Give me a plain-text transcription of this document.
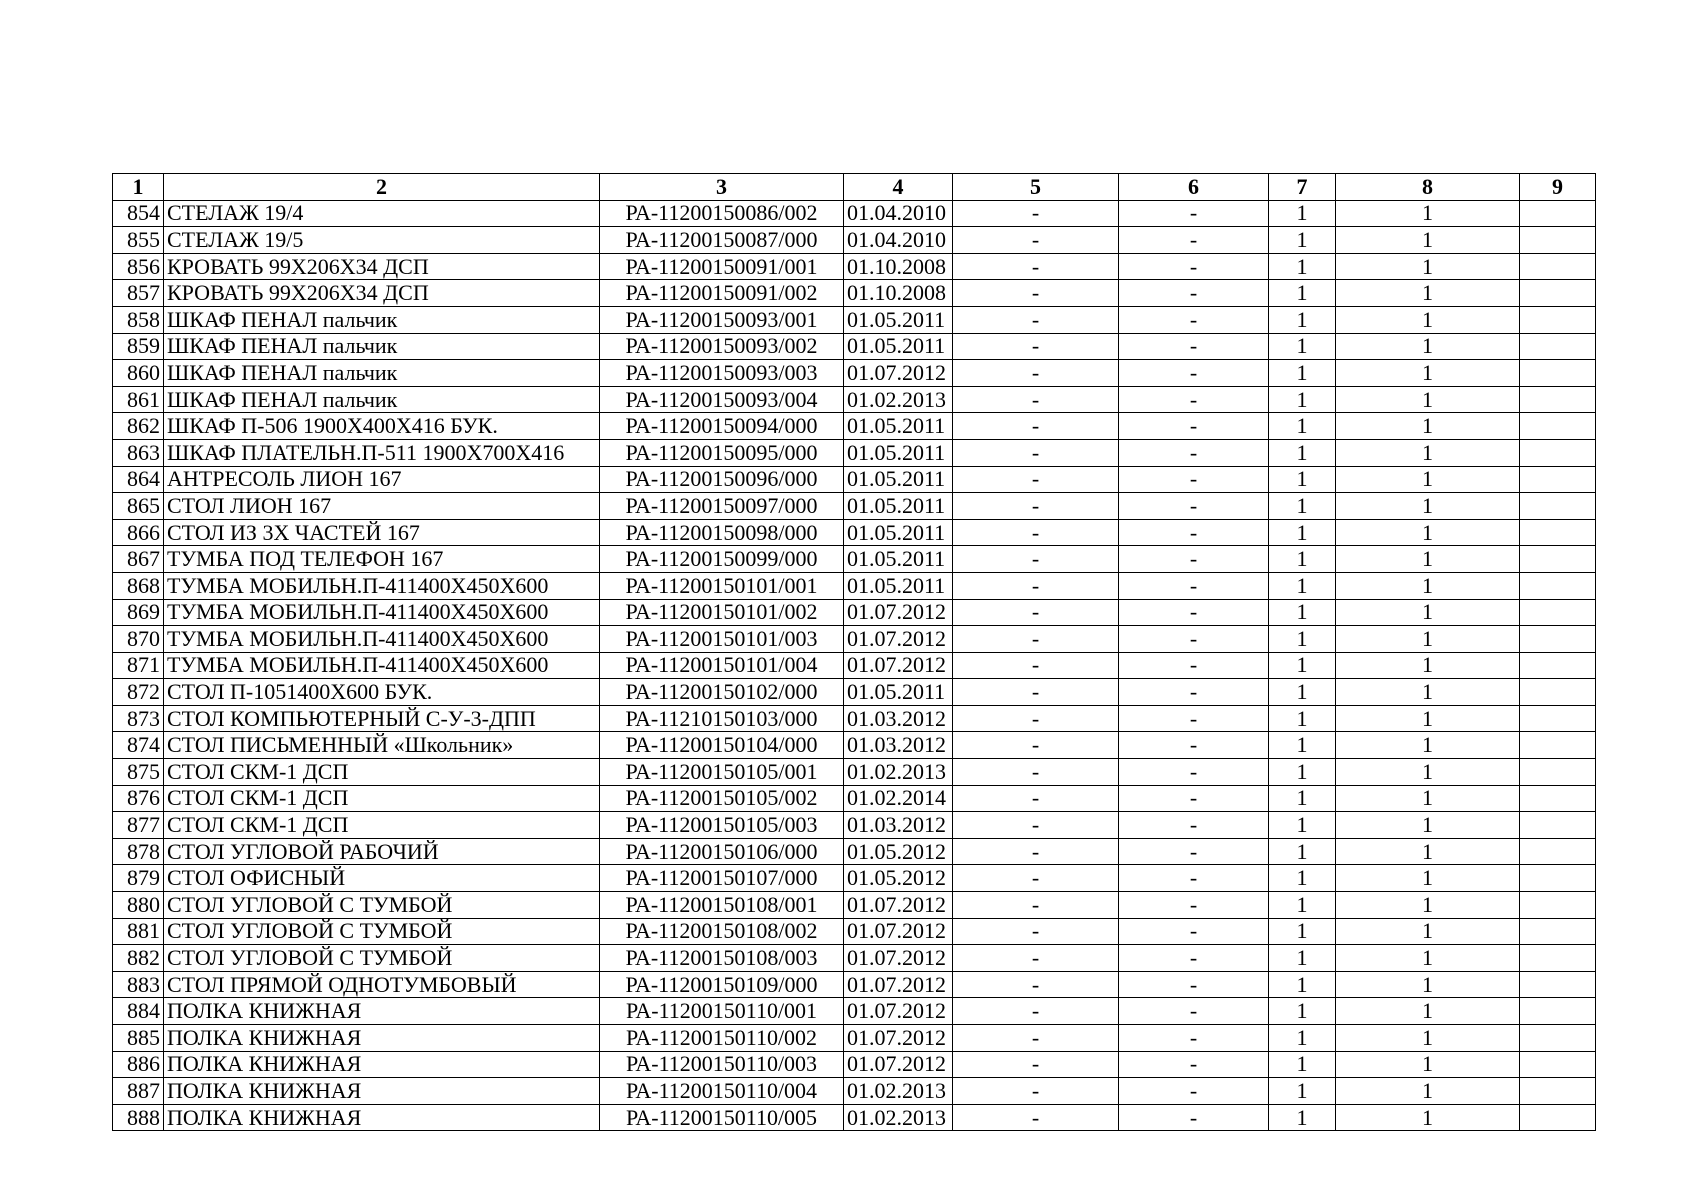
1	2	3	4	5	6	7	8	9
854	СТЕЛАЖ 19/4	РА-11200150086/002	01.04.2010	-	-	1	1	
855	СТЕЛАЖ 19/5	РА-11200150087/000	01.04.2010	-	-	1	1	
856	КРОВАТЬ 99Х206Х34 ДСП	РА-11200150091/001	01.10.2008	-	-	1	1	
857	КРОВАТЬ 99Х206Х34 ДСП	РА-11200150091/002	01.10.2008	-	-	1	1	
858	ШКАФ ПЕНАЛ пальчик	РА-11200150093/001	01.05.2011	-	-	1	1	
859	ШКАФ ПЕНАЛ пальчик	РА-11200150093/002	01.05.2011	-	-	1	1	
860	ШКАФ ПЕНАЛ пальчик	РА-11200150093/003	01.07.2012	-	-	1	1	
861	ШКАФ ПЕНАЛ пальчик	РА-11200150093/004	01.02.2013	-	-	1	1	
862	ШКАФ П-506 1900Х400Х416 БУК.	РА-11200150094/000	01.05.2011	-	-	1	1	
863	ШКАФ ПЛАТЕЛЬН.П-511 1900Х700Х416	РА-11200150095/000	01.05.2011	-	-	1	1	
864	АНТРЕСОЛЬ ЛИОН 167	РА-11200150096/000	01.05.2011	-	-	1	1	
865	СТОЛ ЛИОН 167	РА-11200150097/000	01.05.2011	-	-	1	1	
866	СТОЛ ИЗ 3Х ЧАСТЕЙ 167	РА-11200150098/000	01.05.2011	-	-	1	1	
867	ТУМБА ПОД ТЕЛЕФОН 167	РА-11200150099/000	01.05.2011	-	-	1	1	
868	ТУМБА МОБИЛЬН.П-411400Х450Х600	РА-11200150101/001	01.05.2011	-	-	1	1	
869	ТУМБА МОБИЛЬН.П-411400Х450Х600	РА-11200150101/002	01.07.2012	-	-	1	1	
870	ТУМБА МОБИЛЬН.П-411400Х450Х600	РА-11200150101/003	01.07.2012	-	-	1	1	
871	ТУМБА МОБИЛЬН.П-411400Х450Х600	РА-11200150101/004	01.07.2012	-	-	1	1	
872	СТОЛ П-1051400Х600 БУК.	РА-11200150102/000	01.05.2011	-	-	1	1	
873	СТОЛ КОМПЬЮТЕРНЫЙ С-У-3-ДПП	РА-11210150103/000	01.03.2012	-	-	1	1	
874	СТОЛ ПИСЬМЕННЫЙ «Школьник»	РА-11200150104/000	01.03.2012	-	-	1	1	
875	СТОЛ СКМ-1 ДСП	РА-11200150105/001	01.02.2013	-	-	1	1	
876	СТОЛ СКМ-1 ДСП	РА-11200150105/002	01.02.2014	-	-	1	1	
877	СТОЛ СКМ-1 ДСП	РА-11200150105/003	01.03.2012	-	-	1	1	
878	СТОЛ УГЛОВОЙ РАБОЧИЙ	РА-11200150106/000	01.05.2012	-	-	1	1	
879	СТОЛ ОФИСНЫЙ	РА-11200150107/000	01.05.2012	-	-	1	1	
880	СТОЛ УГЛОВОЙ С ТУМБОЙ	РА-11200150108/001	01.07.2012	-	-	1	1	
881	СТОЛ УГЛОВОЙ С ТУМБОЙ	РА-11200150108/002	01.07.2012	-	-	1	1	
882	СТОЛ УГЛОВОЙ С ТУМБОЙ	РА-11200150108/003	01.07.2012	-	-	1	1	
883	СТОЛ ПРЯМОЙ ОДНОТУМБОВЫЙ	РА-11200150109/000	01.07.2012	-	-	1	1	
884	ПОЛКА КНИЖНАЯ	РА-11200150110/001	01.07.2012	-	-	1	1	
885	ПОЛКА КНИЖНАЯ	РА-11200150110/002	01.07.2012	-	-	1	1	
886	ПОЛКА КНИЖНАЯ	РА-11200150110/003	01.07.2012	-	-	1	1	
887	ПОЛКА КНИЖНАЯ	РА-11200150110/004	01.02.2013	-	-	1	1	
888	ПОЛКА КНИЖНАЯ	РА-11200150110/005	01.02.2013	-	-	1	1	
